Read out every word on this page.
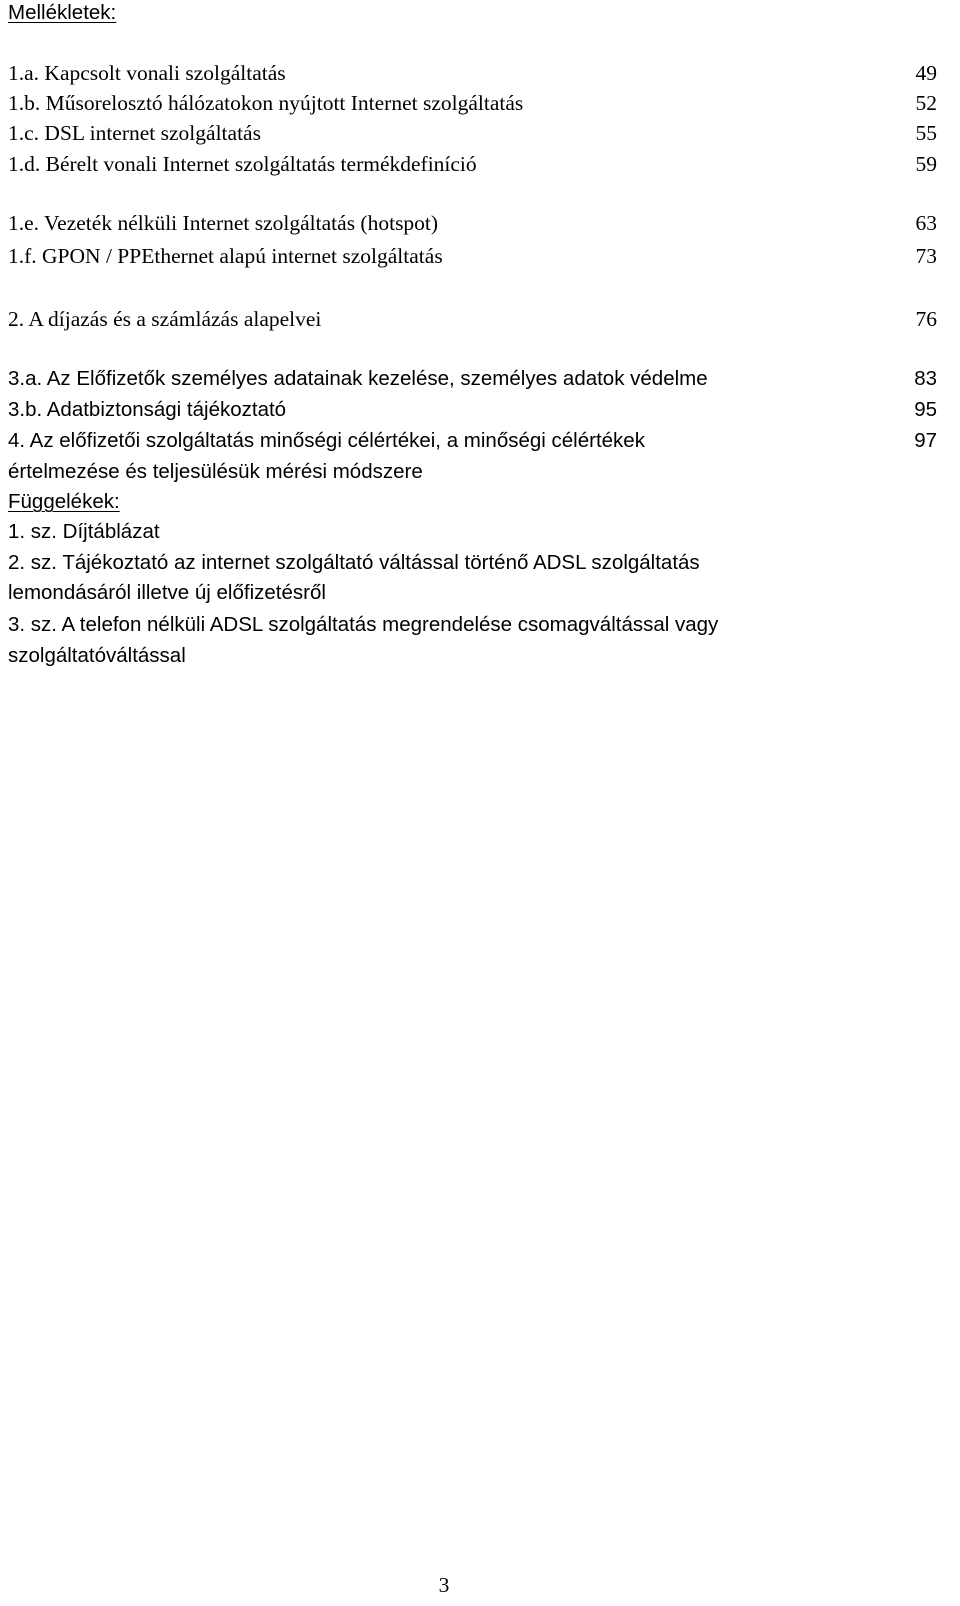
Mellékletek:
1.a. Kapcsolt vonali szolgáltatás	49
1.b. Műsorelosztó hálózatokon nyújtott Internet szolgáltatás	52
1.c. DSL internet szolgáltatás	55
1.d. Bérelt vonali Internet szolgáltatás termékdefiníció	59
1.e. Vezeték nélküli Internet szolgáltatás (hotspot)	63
1.f. GPON / PPEthernet alapú internet szolgáltatás	73
2. A díjazás és a számlázás alapelvei	76
3.a. Az Előfizetők személyes adatainak kezelése, személyes adatok védelme	83
3.b. Adatbiztonsági tájékoztató	95
4. Az előfizetői szolgáltatás minőségi célértékei, a minőségi célértékek	97
értelmezése és teljesülésük mérési módszere
Függelékek:
1. sz. Díjtáblázat
2. sz. Tájékoztató az internet szolgáltató váltással történő ADSL szolgáltatás
lemondásáról illetve új előfizetésről
3. sz. A telefon nélküli ADSL szolgáltatás megrendelése csomagváltással vagy
szolgáltatóváltással
3
